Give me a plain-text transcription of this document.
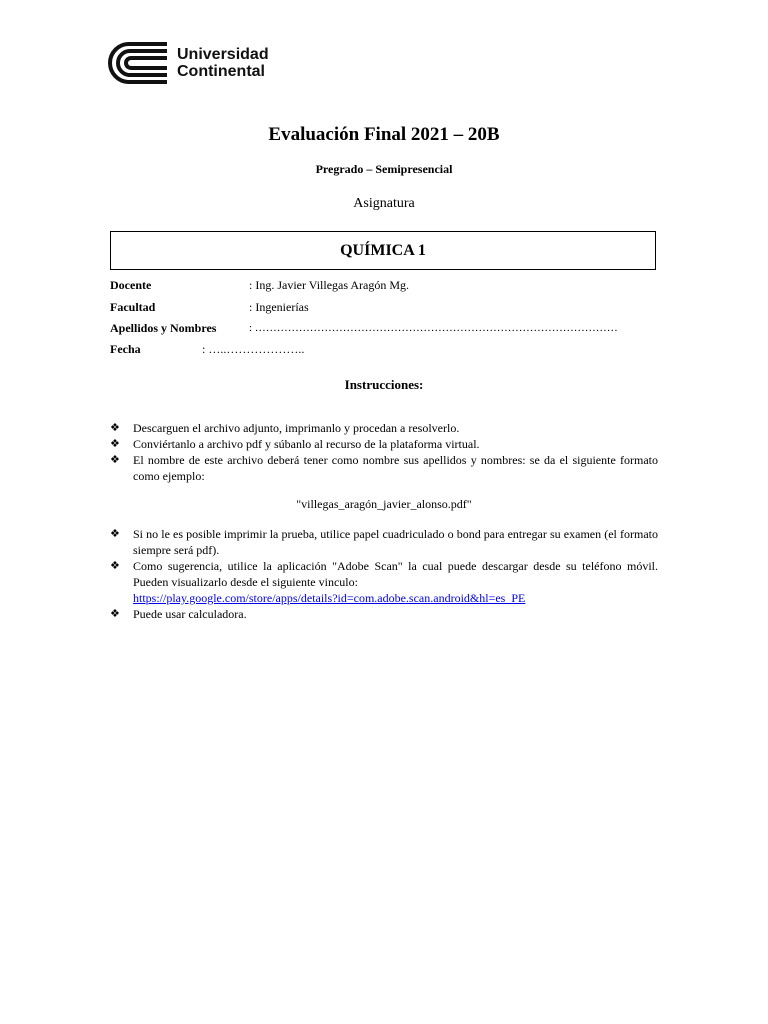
Universidad
Continental
Evaluación Final 2021 – 20B
Pregrado – Semipresencial
Asignatura
QUÍMICA 1
Docente	: Ing. Javier Villegas Aragón Mg.
Facultad	: Ingenierías
Apellidos y Nombres	: ………………………………………………………………………………………
Fecha	: …..………………..
Instrucciones:
❖ Descarguen el archivo adjunto, imprimanlo y procedan a resolverlo.
❖ Conviértanlo a archivo pdf y súbanlo al recurso de la plataforma virtual.
❖ El nombre de este archivo deberá tener como nombre sus apellidos y nombres: se da el siguiente formato como ejemplo:
"villegas_aragón_javier_alonso.pdf"
❖ Si no le es posible imprimir la prueba, utilice papel cuadriculado o bond para entregar su examen (el formato siempre será pdf).
❖ Como sugerencia, utilice la aplicación "Adobe Scan" la cual puede descargar desde su teléfono móvil. Pueden visualizarlo desde el siguiente vinculo:
https://play.google.com/store/apps/details?id=com.adobe.scan.android&hl=es_PE
❖ Puede usar calculadora.
